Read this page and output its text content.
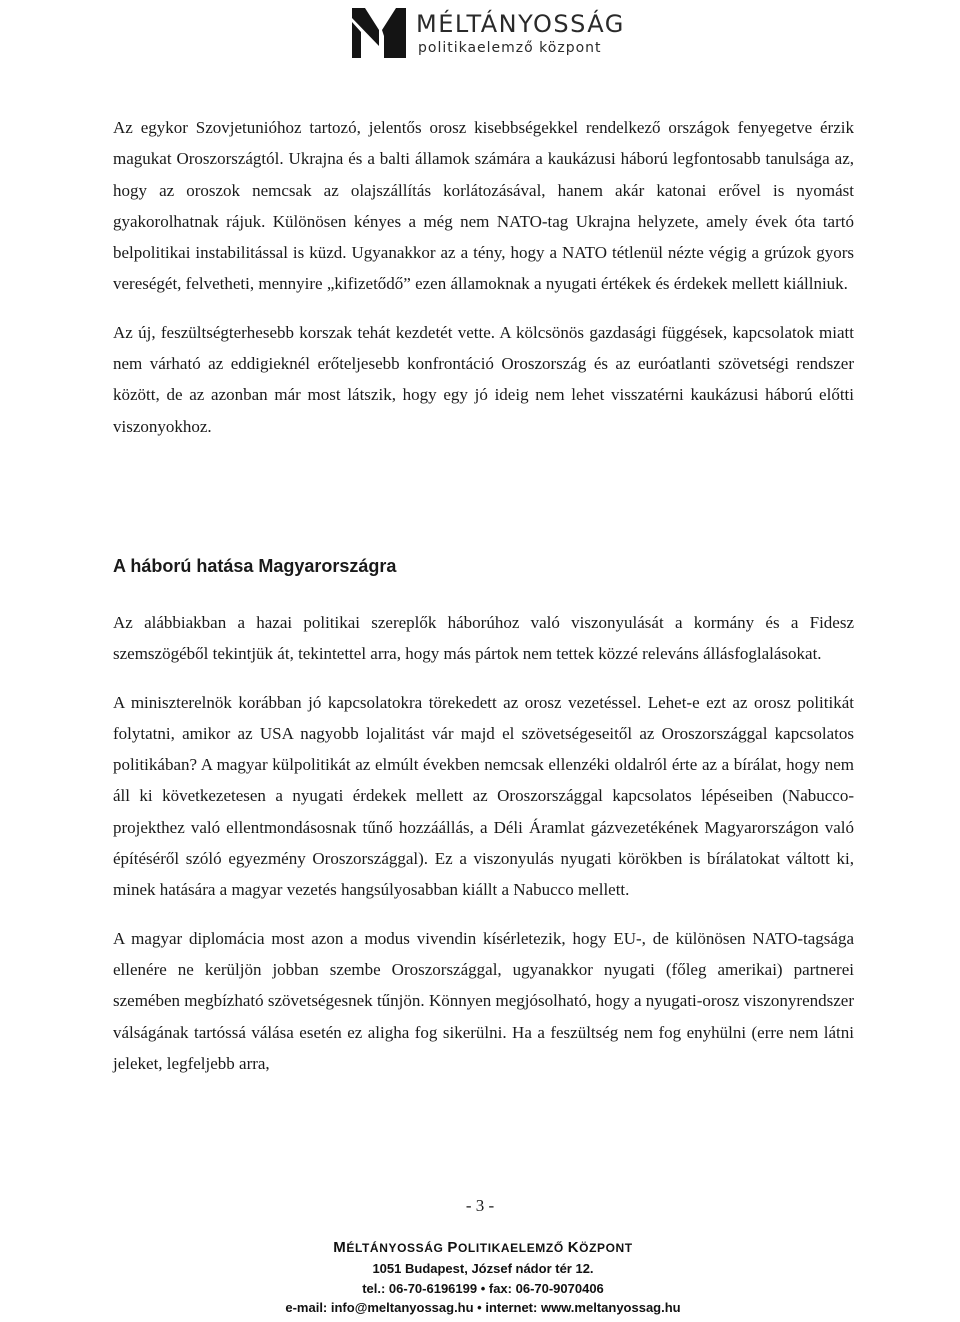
MÉLTÁNYOSSÁG
politikaelemző központ

Az egykor Szovjetunióhoz tartozó, jelentős orosz kisebbségekkel rendelkező országok fenyegetve érzik magukat Oroszországtól. Ukrajna és a balti államok számára a kaukázusi háború legfontosabb tanulsága az, hogy az oroszok nemcsak az olajszállítás korlátozásával, hanem akár katonai erővel is nyomást gyakorolhatnak rájuk. Különösen kényes a még nem NATO-tag Ukrajna helyzete, amely évek óta tartó belpolitikai instabilitással is küzd. Ugyanakkor az a tény, hogy a NATO tétlenül nézte végig a grúzok gyors vereségét, felvetheti, mennyire „kifizetődő” ezen államoknak a nyugati értékek és érdekek mellett kiállniuk.

Az új, feszültségterhesebb korszak tehát kezdetét vette. A kölcsönös gazdasági függések, kapcsolatok miatt nem várható az eddigieknél erőteljesebb konfrontáció Oroszország és az euróatlanti szövetségi rendszer között, de az azonban már most látszik, hogy egy jó ideig nem lehet visszatérni kaukázusi háború előtti viszonyokhoz.

A háború hatása Magyarországra

Az alábbiakban a hazai politikai szereplők háborúhoz való viszonyulását a kormány és a Fidesz szemszögéből tekintjük át, tekintettel arra, hogy más pártok nem tettek közzé releváns állásfoglalásokat.

A miniszterelnök korábban jó kapcsolatokra törekedett az orosz vezetéssel. Lehet-e ezt az orosz politikát folytatni, amikor az USA nagyobb lojalitást vár majd el szövetségeseitől az Oroszországgal kapcsolatos politikában? A magyar külpolitikát az elmúlt években nemcsak ellenzéki oldalról érte az a bírálat, hogy nem áll ki következetesen a nyugati érdekek mellett az Oroszországgal kapcsolatos lépéseiben (Nabucco- projekthez való ellentmondásosnak tűnő hozzáállás, a Déli Áramlat gázvezetékének Magyarországon való építéséről szóló egyezmény Oroszországgal). Ez a viszonyulás nyugati körökben is bírálatokat váltott ki, minek hatására a magyar vezetés hangsúlyosabban kiállt a Nabucco mellett.

A magyar diplomácia most azon a modus vivendin kísérletezik, hogy EU-, de különösen NATO-tagsága ellenére ne kerüljön jobban szembe Oroszországgal, ugyanakkor nyugati (főleg amerikai) partnerei szemében megbízható szövetségesnek tűnjön. Könnyen megjósolható, hogy a nyugati-orosz viszonyrendszer válságának tartóssá válása esetén ez aligha fog sikerülni. Ha a feszültség nem fog enyhülni (erre nem látni jeleket, legfeljebb arra,

- 3 -
MÉLTÁNYOSSÁG POLITIKAELEMZŐ KÖZPONT
1051 Budapest, József nádor tér 12.
tel.: 06-70-6196199 • fax: 06-70-9070406
e-mail: info@meltanyossag.hu • internet: www.meltanyossag.hu
